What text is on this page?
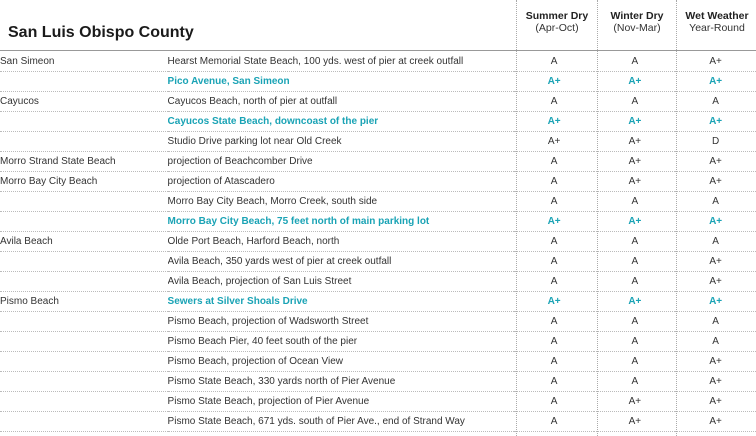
San Luis Obispo County
Summer Dry
(Apr-Oct)
Winter Dry
(Nov-Mar)
Wet Weather
Year-Round
San Simeon	Hearst Memorial State Beach, 100 yds. west of pier at creek outfall	A	A	A+
	Pico Avenue, San Simeon	A+	A+	A+
Cayucos	Cayucos Beach, north of pier at outfall	A	A	A
	Cayucos State Beach, downcoast of the pier	A+	A+	A+
	Studio Drive parking lot near Old Creek	A+	A+	D
Morro Strand State Beach	projection of Beachcomber Drive	A	A+	A+
Morro Bay City Beach	projection of Atascadero	A	A+	A+
	Morro Bay City Beach, Morro Creek, south side	A	A	A
	Morro Bay City Beach, 75 feet north of main parking lot	A+	A+	A+
Avila Beach	Olde Port Beach, Harford Beach, north	A	A	A
	Avila Beach, 350 yards west of pier at creek outfall	A	A	A+
	Avila Beach, projection of San Luis Street	A	A	A+
Pismo Beach	Sewers at Silver Shoals Drive	A+	A+	A+
	Pismo Beach, projection of Wadsworth Street	A	A	A
	Pismo Beach Pier, 40 feet south of the pier	A	A	A
	Pismo Beach, projection of Ocean View	A	A	A+
	Pismo State Beach, 330 yards north of Pier Avenue	A	A	A+
	Pismo State Beach, projection of Pier Avenue	A	A+	A+
	Pismo State Beach, 671 yds. south of Pier Ave., end of Strand Way	A	A+	A+
